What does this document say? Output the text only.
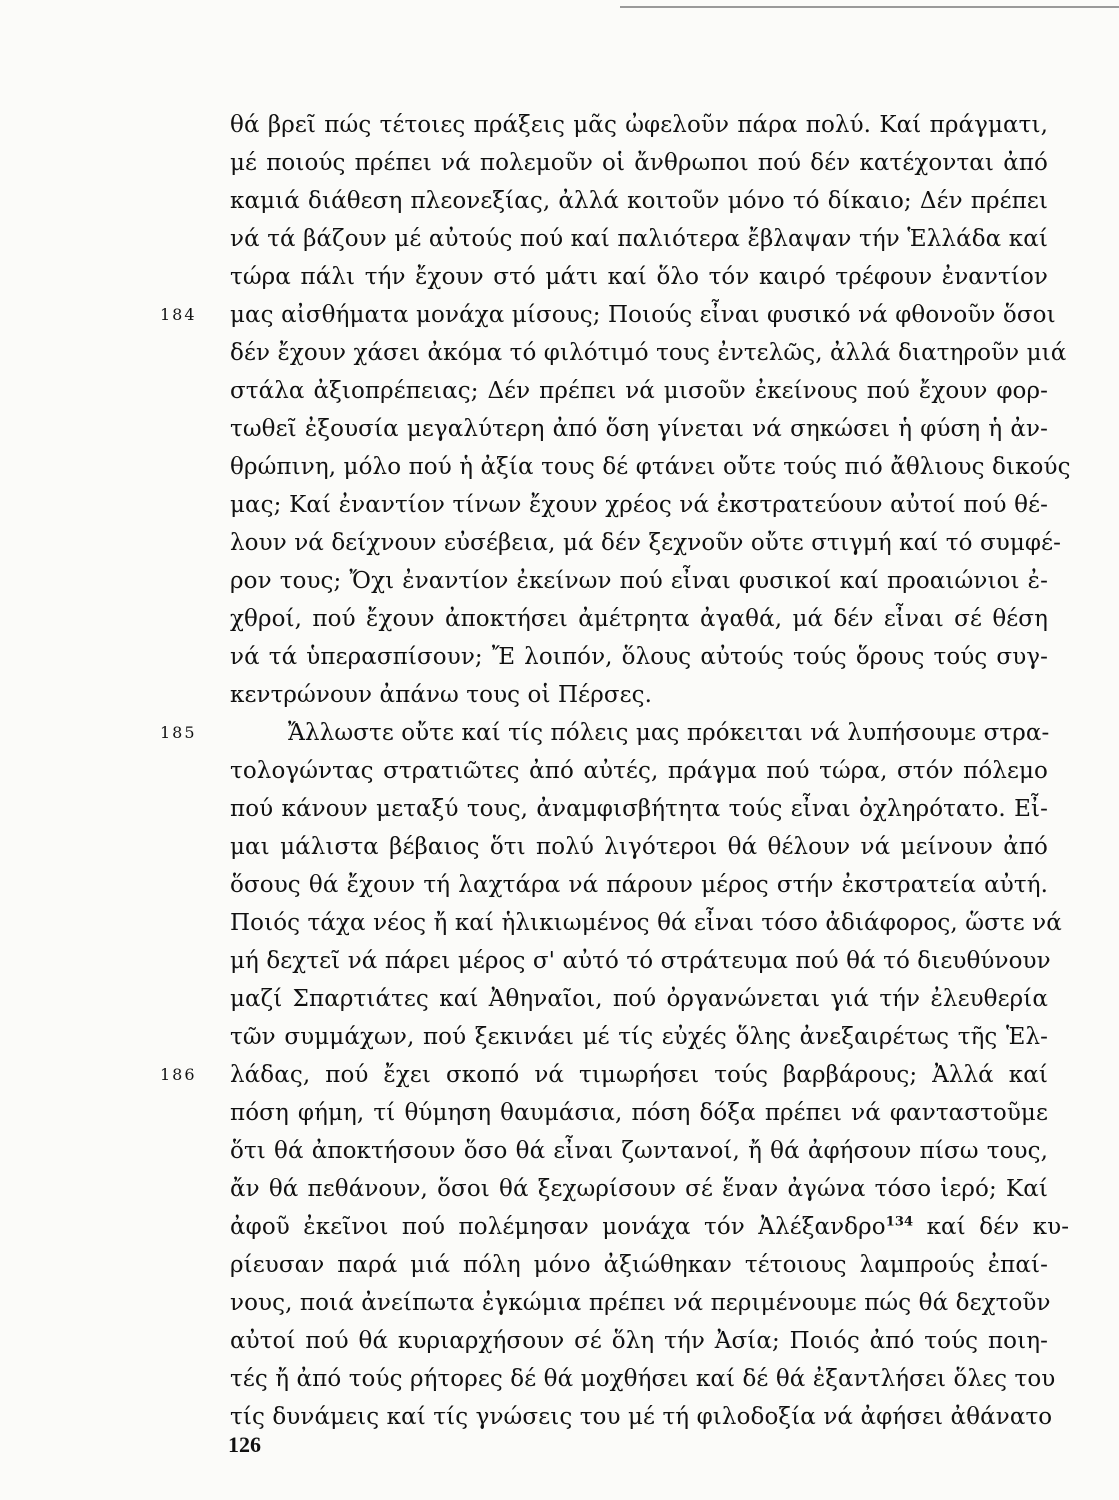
θά βρεῖ πώς τέτοιες πράξεις μᾶς ὠφελοῦν πάρα πολύ. Καί πράγματι,
μέ ποιούς πρέπει νά πολεμοῦν οἱ ἄνθρωποι πού δέν κατέχονται ἀπό
καμιά διάθεση πλεονεξίας, ἀλλά κοιτοῦν μόνο τό δίκαιο; Δέν πρέπει
νά τά βάζουν μέ αὐτούς πού καί παλιότερα ἔβλαψαν τήν Ἑλλάδα καί
τώρα πάλι τήν ἔχουν στό μάτι καί ὅλο τόν καιρό τρέφουν ἐναντίον
184	μας αἰσθήματα μονάχα μίσους; Ποιούς εἶναι φυσικό νά φθονοῦν ὅσοι
δέν ἔχουν χάσει ἀκόμα τό φιλότιμό τους ἐντελῶς, ἀλλά διατηροῦν μιά
στάλα ἀξιοπρέπειας; Δέν πρέπει νά μισοῦν ἐκείνους πού ἔχουν φορ-
τωθεῖ ἐξουσία μεγαλύτερη ἀπό ὅση γίνεται νά σηκώσει ἡ φύση ἡ ἀν-
θρώπινη, μόλο πού ἡ ἀξία τους δέ φτάνει οὔτε τούς πιό ἄθλιους δικούς
μας; Καί ἐναντίον τίνων ἔχουν χρέος νά ἐκστρατεύουν αὐτοί πού θέ-
λουν νά δείχνουν εὐσέβεια, μά δέν ξεχνοῦν οὔτε στιγμή καί τό συμφέ-
ρον τους; Ὄχι ἐναντίον ἐκείνων πού εἶναι φυσικοί καί προαιώνιοι ἐ-
χθροί, πού ἔχουν ἀποκτήσει ἀμέτρητα ἀγαθά, μά δέν εἶναι σέ θέση
νά τά ὑπερασπίσουν; Ἔ λοιπόν, ὅλους αὐτούς τούς ὅρους τούς συγ-
κεντρώνουν ἀπάνω τους οἱ Πέρσες.
185	Ἄλλωστε οὔτε καί τίς πόλεις μας πρόκειται νά λυπήσουμε στρα-
τολογώντας στρατιῶτες ἀπό αὐτές, πράγμα πού τώρα, στόν πόλεμο
πού κάνουν μεταξύ τους, ἀναμφισβήτητα τούς εἶναι ὀχληρότατο. Εἶ-
μαι μάλιστα βέβαιος ὅτι πολύ λιγότεροι θά θέλουν νά μείνουν ἀπό
ὅσους θά ἔχουν τή λαχτάρα νά πάρουν μέρος στήν ἐκστρατεία αὐτή.
Ποιός τάχα νέος ἤ καί ἡλικιωμένος θά εἶναι τόσο ἀδιάφορος, ὥστε νά
μή δεχτεῖ νά πάρει μέρος σ' αὐτό τό στράτευμα πού θά τό διευθύνουν
μαζί Σπαρτιάτες καί Ἀθηναῖοι, πού ὀργανώνεται γιά τήν ἐλευθερία
τῶν συμμάχων, πού ξεκινάει μέ τίς εὐχές ὅλης ἀνεξαιρέτως τῆς Ἑλ-
186	λάδας, πού ἔχει σκοπό νά τιμωρήσει τούς βαρβάρους; Ἀλλά καί
πόση φήμη, τί θύμηση θαυμάσια, πόση δόξα πρέπει νά φανταστοῦμε
ὅτι θά ἀποκτήσουν ὅσο θά εἶναι ζωντανοί, ἤ θά ἀφήσουν πίσω τους,
ἄν θά πεθάνουν, ὅσοι θά ξεχωρίσουν σέ ἕναν ἀγώνα τόσο ἱερό; Καί
ἀφοῦ ἐκεῖνοι πού πολέμησαν μονάχα τόν Ἀλέξανδρο$^{134}$ καί δέν κυ-
ρίευσαν παρά μιά πόλη μόνο ἀξιώθηκαν τέτοιους λαμπρούς ἐπαί-
νους, ποιά ἀνείπωτα ἐγκώμια πρέπει νά περιμένουμε πώς θά δεχτοῦν
αὐτοί πού θά κυριαρχήσουν σέ ὅλη τήν Ἀσία; Ποιός ἀπό τούς ποιη-
τές ἤ ἀπό τούς ρήτορες δέ θά μοχθήσει καί δέ θά ἐξαντλήσει ὅλες του
τίς δυνάμεις καί τίς γνώσεις του μέ τή φιλοδοξία νά ἀφήσει ἀθάνατο
126
